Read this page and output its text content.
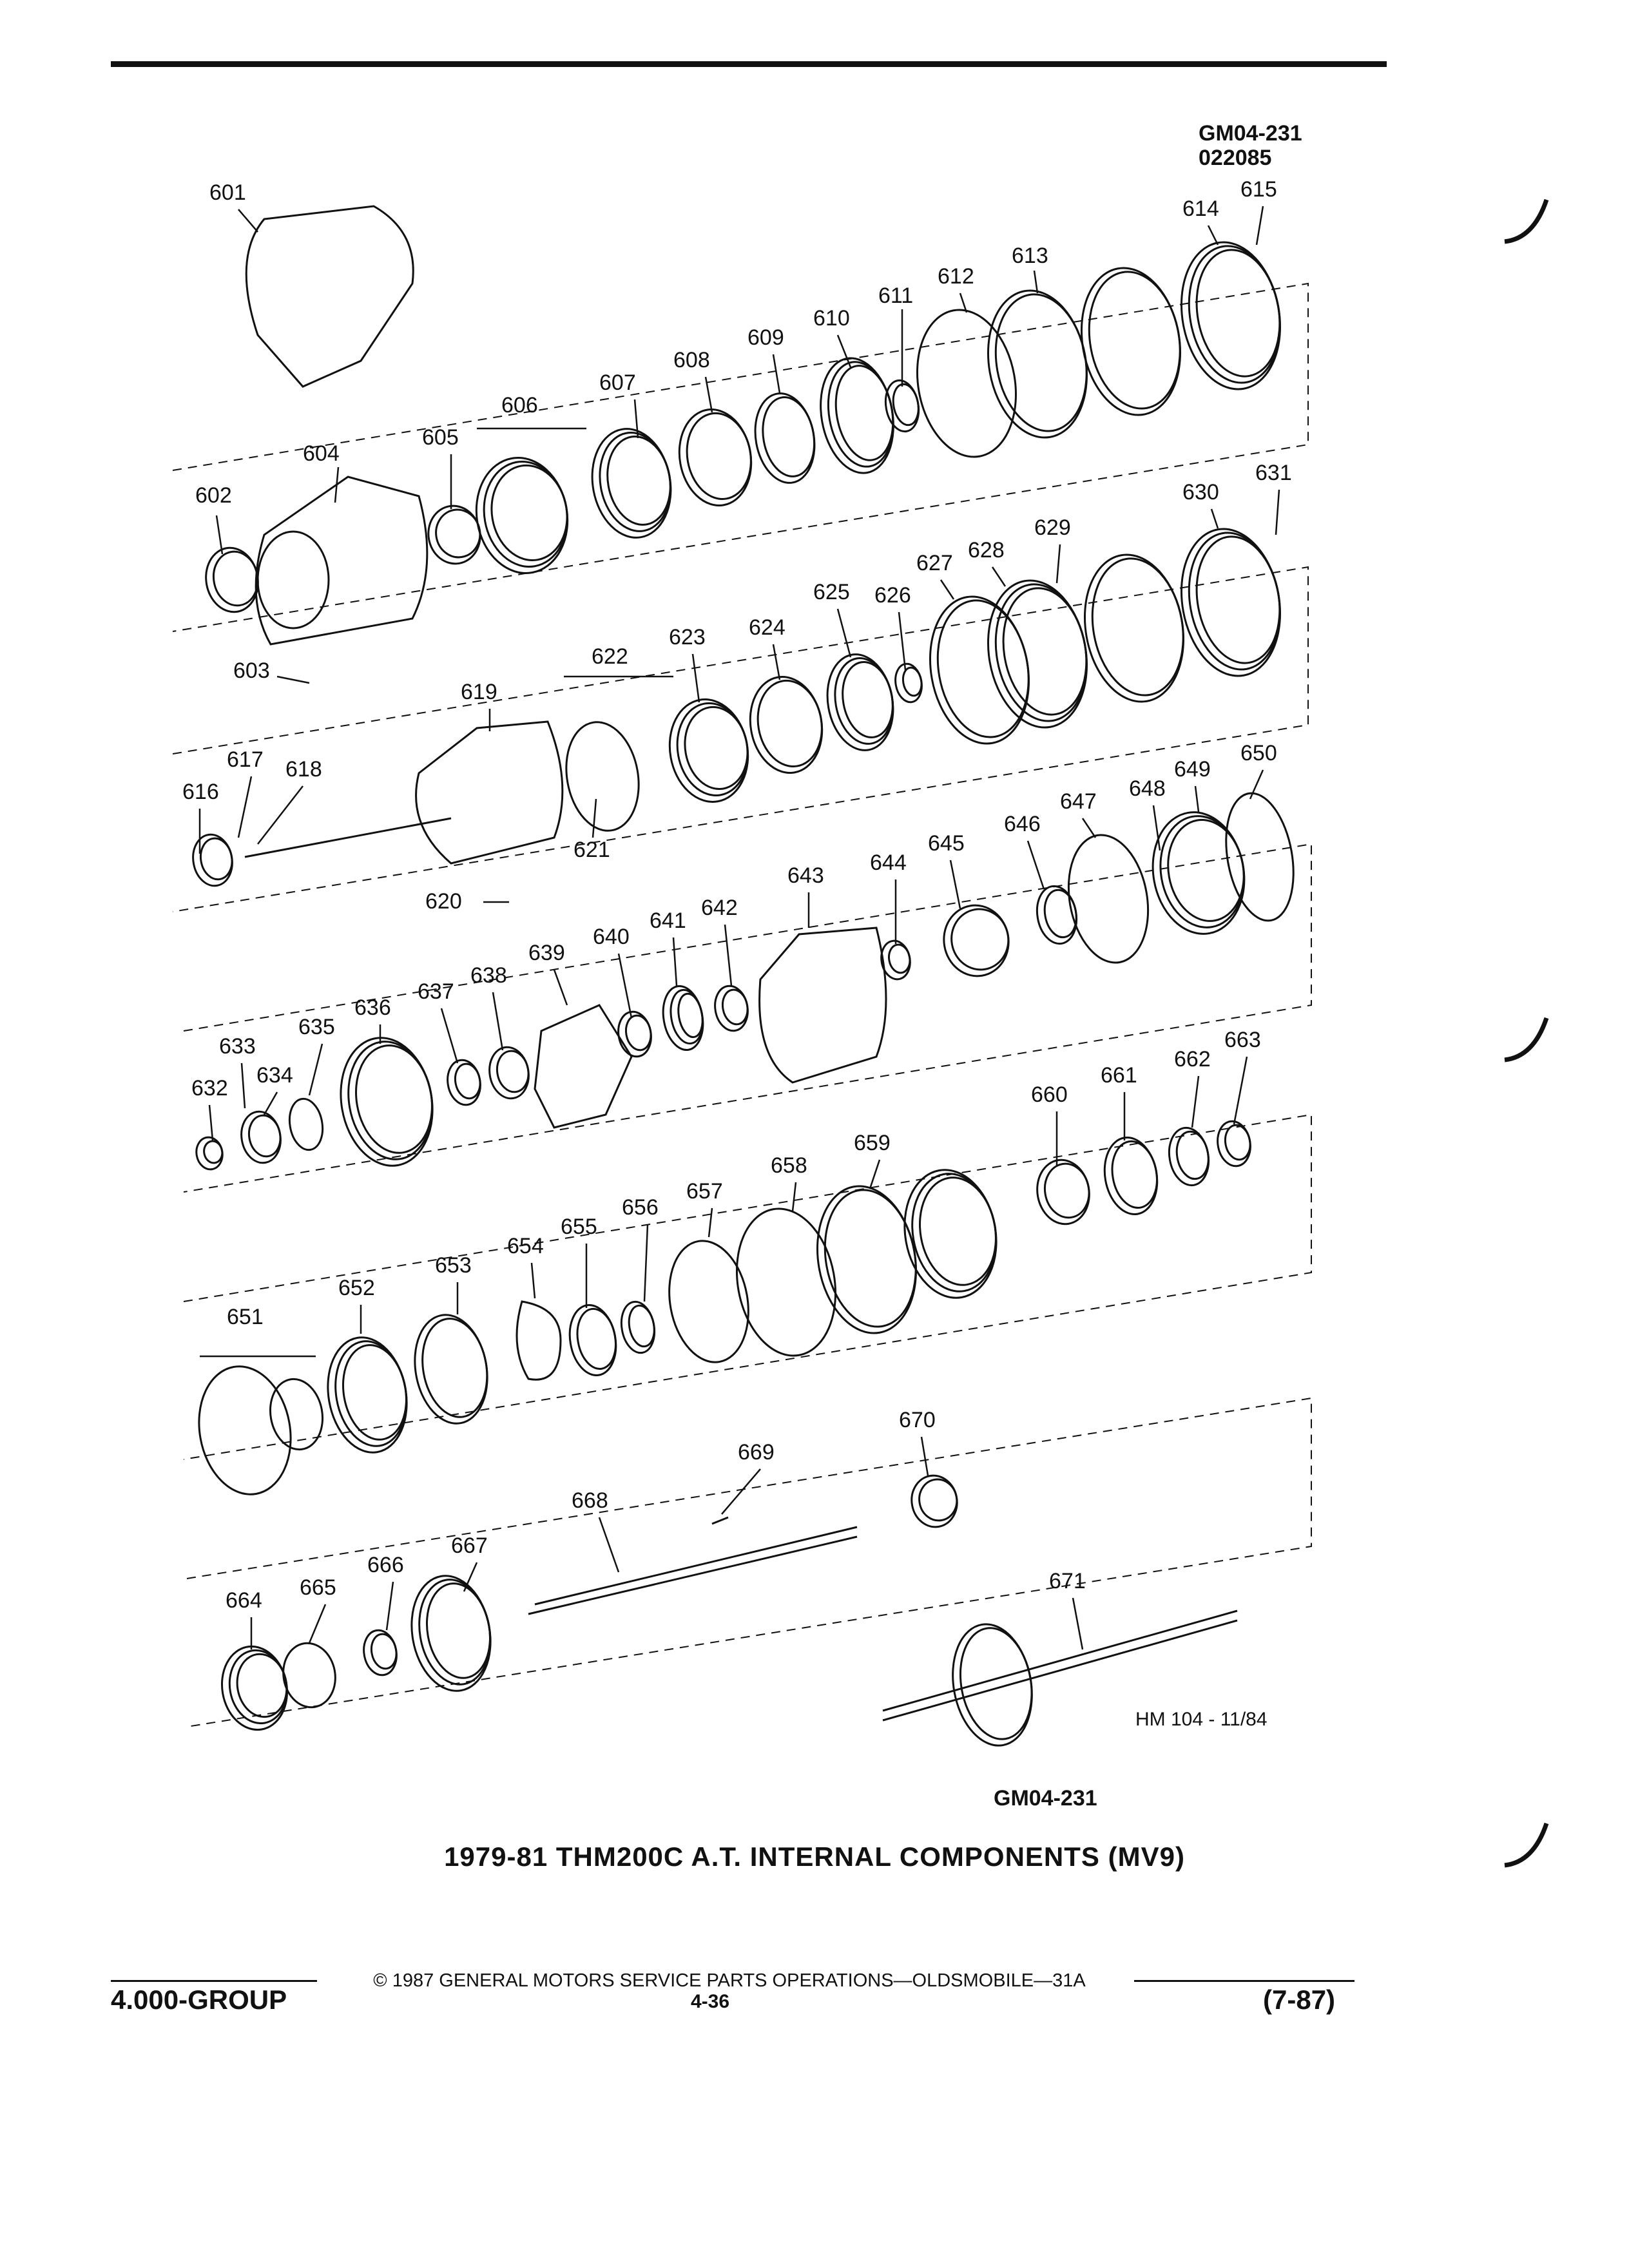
GM04-231
022085
601
602
603
604
605
606
607
608
609
610
611
612
613
614
615
616
617 618
619
620
621
622
623 624
625 626
627
628
629
630
631
632
633
634
635
636
637
638
639
640
641
642
643
644
645
646
647
648
649
650
651
652
653
654
655
656
657
658
659
660
661
662
663
664
665
666
667
668
669
670
671
HM 104 - 11/84
GM04-231
1979-81 THM200C A.T. INTERNAL COMPONENTS (MV9)
© 1987 GENERAL MOTORS SERVICE PARTS OPERATIONS—OLDSMOBILE—31A
4.000-GROUP	4-36	(7-87)
